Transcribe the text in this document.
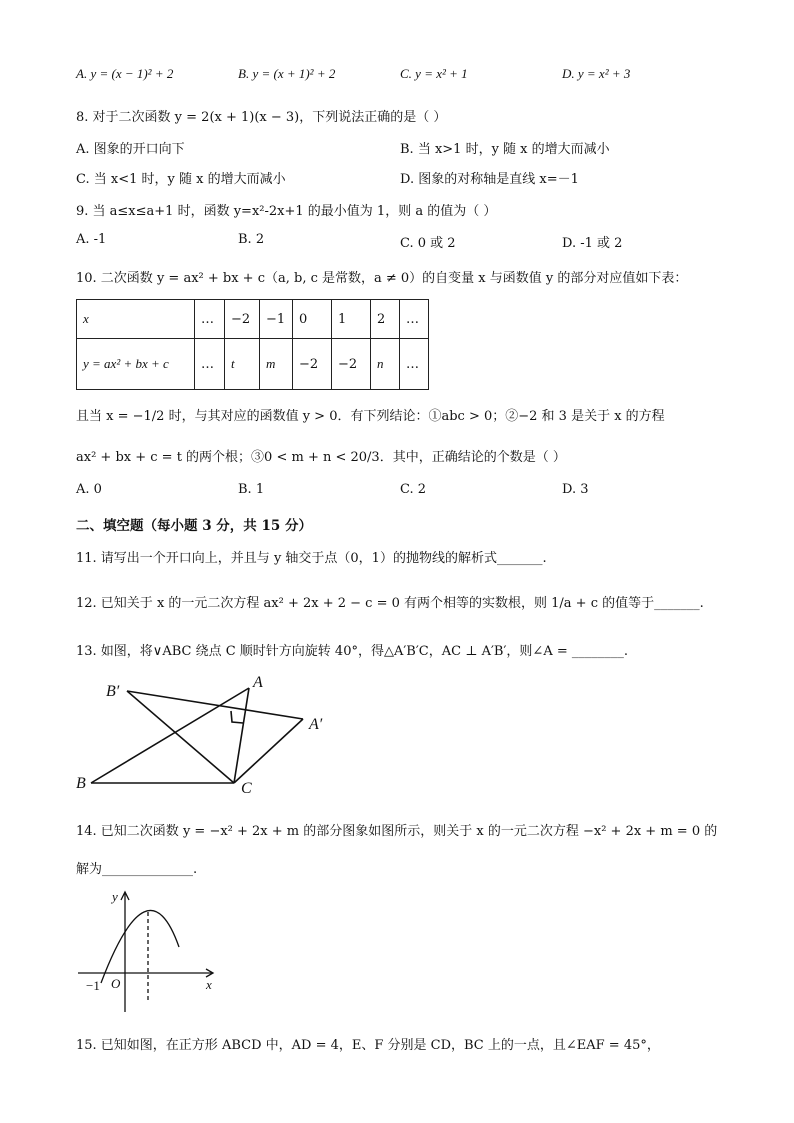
A. y = (x − 1)² + 2	B. y = (x + 1)² + 2	C. y = x² + 1	D. y = x² + 3
8. 对于二次函数 y = 2(x + 1)(x − 3)，下列说法正确的是（ ）
A. 图象的开口向下	B. 当 x>1 时，y 随 x 的增大而减小
C. 当 x<1 时，y 随 x 的增大而减小	D. 图象的对称轴是直线 x=－1
9. 当 a≤x≤a+1 时，函数 y=x²-2x+1 的最小值为 1，则 a 的值为（ ）
A. -1	B. 2	C. 0 或 2	D. -1 或 2
10. 二次函数 y = ax² + bx + c（a, b, c 是常数，a ≠ 0）的自变量 x 与函数值 y 的部分对应值如下表：
x	…	−2	−1	0	1	2	…
y = ax² + bx + c	…	t	m	−2	−2	n	…
且当 x = −1/2 时，与其对应的函数值 y > 0．有下列结论：①abc > 0；②−2 和 3 是关于 x 的方程
ax² + bx + c = t 的两个根；③0 < m + n < 20/3．其中，正确结论的个数是（ ）
A. 0	B. 1	C. 2	D. 3
二、填空题（每小题 3 分，共 15 分）
11. 请写出一个开口向上，并且与 y 轴交于点（0，1）的抛物线的解析式_______.
12. 已知关于 x 的一元二次方程 ax² + 2x + 2 − c = 0 有两个相等的实数根，则 1/a + c 的值等于_______.
13. 如图，将∨ABC 绕点 C 顺时针方向旋转 40°，得△A′B′C，AC ⊥ A′B′，则∠A = ________.
B′
A
A′
B	C
14. 已知二次函数 y = −x² + 2x + m 的部分图象如图所示，则关于 x 的一元二次方程 −x² + 2x + m = 0 的
解为______________.
y
x
O
−1
15. 已知如图，在正方形 ABCD 中，AD = 4，E、F 分别是 CD，BC 上的一点，且∠EAF = 45°，
